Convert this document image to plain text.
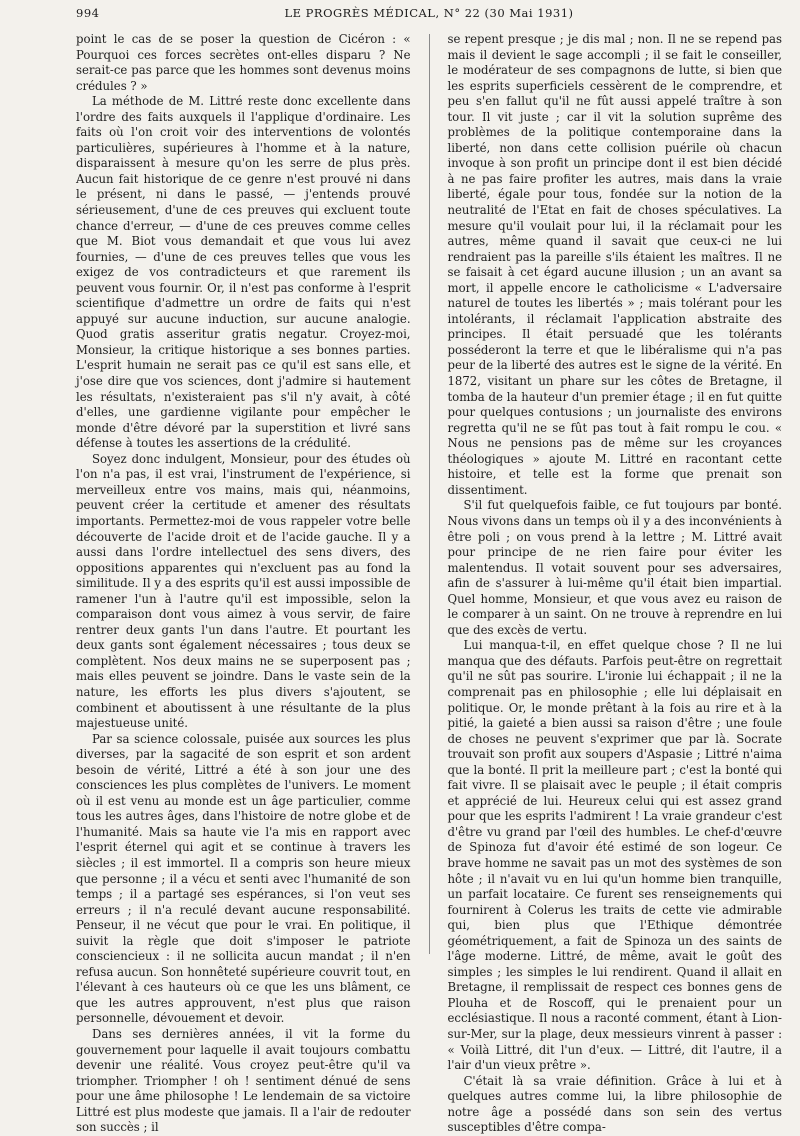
994	LE PROGRÈS MÉDICAL, N° 22 (30 Mai 1931)

point le cas de se poser la question de Cicéron : « Pourquoi ces forces secrètes ont-elles disparu ? Ne serait-ce pas parce que les hommes sont devenus moins crédules ? »

La méthode de M. Littré reste donc excellente dans l'ordre des faits auxquels il l'applique d'ordinaire. Les faits où l'on croit voir des interventions de volontés particulières, supérieures à l'homme et à la nature, disparaissent à mesure qu'on les serre de plus près. Aucun fait historique de ce genre n'est prouvé ni dans le présent, ni dans le passé, — j'entends prouvé sérieusement, d'une de ces preuves qui excluent toute chance d'erreur, — d'une de ces preuves comme celles que M. Biot vous demandait et que vous lui avez fournies, — d'une de ces preuves telles que vous les exigez de vos contradicteurs et que rarement ils peuvent vous fournir. Or, il n'est pas conforme à l'esprit scientifique d'admettre un ordre de faits qui n'est appuyé sur aucune induction, sur aucune analogie. Quod gratis asseritur gratis negatur. Croyez-moi, Monsieur, la critique historique a ses bonnes parties. L'esprit humain ne serait pas ce qu'il est sans elle, et j'ose dire que vos sciences, dont j'admire si hautement les résultats, n'existeraient pas s'il n'y avait, à côté d'elles, une gardienne vigilante pour empêcher le monde d'être dévoré par la superstition et livré sans défense à toutes les assertions de la crédulité.

Soyez donc indulgent, Monsieur, pour des études où l'on n'a pas, il est vrai, l'instrument de l'expérience, si merveilleux entre vos mains, mais qui, néanmoins, peuvent créer la certitude et amener des résultats importants. Permettez-moi de vous rappeler votre belle découverte de l'acide droit et de l'acide gauche. Il y a aussi dans l'ordre intellectuel des sens divers, des oppositions apparentes qui n'excluent pas au fond la similitude. Il y a des esprits qu'il est aussi impossible de ramener l'un à l'autre qu'il est impossible, selon la comparaison dont vous aimez à vous servir, de faire rentrer deux gants l'un dans l'autre. Et pourtant les deux gants sont également nécessaires ; tous deux se complètent. Nos deux mains ne se superposent pas ; mais elles peuvent se joindre. Dans le vaste sein de la nature, les efforts les plus divers s'ajoutent, se combinent et aboutissent à une résultante de la plus majestueuse unité.

Par sa science colossale, puisée aux sources les plus diverses, par la sagacité de son esprit et son ardent besoin de vérité, Littré a été à son jour une des consciences les plus complètes de l'univers. Le moment où il est venu au monde est un âge particulier, comme tous les autres âges, dans l'histoire de notre globe et de l'humanité. Mais sa haute vie l'a mis en rapport avec l'esprit éternel qui agit et se continue à travers les siècles ; il est immortel. Il a compris son heure mieux que personne ; il a vécu et senti avec l'humanité de son temps ; il a partagé ses espérances, si l'on veut ses erreurs ; il n'a reculé devant aucune responsabilité. Penseur, il ne vécut que pour le vrai. En politique, il suivit la règle que doit s'imposer le patriote consciencieux : il ne sollicita aucun mandat ; il n'en refusa aucun. Son honnêteté supérieure couvrit tout, en l'élevant à ces hauteurs où ce que les uns blâment, ce que les autres approuvent, n'est plus que raison personnelle, dévouement et devoir.

Dans ses dernières années, il vit la forme du gouvernement pour laquelle il avait toujours combattu devenir une réalité. Vous croyez peut-être qu'il va triompher. Triompher ! oh ! sentiment dénué de sens pour une âme philosophe ! Le lendemain de sa victoire Littré est plus modeste que jamais. Il a l'air de redouter son succès ; il

se repent presque ; je dis mal ; non. Il ne se repend pas mais il devient le sage accompli ; il se fait le conseiller, le modérateur de ses compagnons de lutte, si bien que les esprits superficiels cessèrent de le comprendre, et peu s'en fallut qu'il ne fût aussi appelé traître à son tour. Il vit juste ; car il vit la solution suprême des problèmes de la politique contemporaine dans la liberté, non dans cette collision puérile où chacun invoque à son profit un principe dont il est bien décidé à ne pas faire profiter les autres, mais dans la vraie liberté, égale pour tous, fondée sur la notion de la neutralité de l'Etat en fait de choses spéculatives. La mesure qu'il voulait pour lui, il la réclamait pour les autres, même quand il savait que ceux-ci ne lui rendraient pas la pareille s'ils étaient les maîtres. Il ne se faisait à cet égard aucune illusion ; un an avant sa mort, il appelle encore le catholicisme « L'adversaire naturel de toutes les libertés » ; mais tolérant pour les intolérants, il réclamait l'application abstraite des principes. Il était persuadé que les tolérants posséderont la terre et que le libéralisme qui n'a pas peur de la liberté des autres est le signe de la vérité. En 1872, visitant un phare sur les côtes de Bretagne, il tomba de la hauteur d'un premier étage ; il en fut quitte pour quelques contusions ; un journaliste des environs regretta qu'il ne se fût pas tout à fait rompu le cou. « Nous ne pensions pas de même sur les croyances théologiques » ajoute M. Littré en racontant cette histoire, et telle est la forme que prenait son dissentiment.

S'il fut quelquefois faible, ce fut toujours par bonté. Nous vivons dans un temps où il y a des inconvénients à être poli ; on vous prend à la lettre ; M. Littré avait pour principe de ne rien faire pour éviter les malentendus. Il votait souvent pour ses adversaires, afin de s'assurer à lui-même qu'il était bien impartial. Quel homme, Monsieur, et que vous avez eu raison de le comparer à un saint. On ne trouve à reprendre en lui que des excès de vertu.

Lui manqua-t-il, en effet quelque chose ? Il ne lui manqua que des défauts. Parfois peut-être on regrettait qu'il ne sût pas sourire. L'ironie lui échappait ; il ne la comprenait pas en philosophie ; elle lui déplaisait en politique. Or, le monde prêtant à la fois au rire et à la pitié, la gaieté a bien aussi sa raison d'être ; une foule de choses ne peuvent s'exprimer que par là. Socrate trouvait son profit aux soupers d'Aspasie ; Littré n'aima que la bonté. Il prit la meilleure part ; c'est la bonté qui fait vivre. Il se plaisait avec le peuple ; il était compris et apprécié de lui. Heureux celui qui est assez grand pour que les esprits l'admirent ! La vraie grandeur c'est d'être vu grand par l'œil des humbles. Le chef-d'œuvre de Spinoza fut d'avoir été estimé de son logeur. Ce brave homme ne savait pas un mot des systèmes de son hôte ; il n'avait vu en lui qu'un homme bien tranquille, un parfait locataire. Ce furent ses renseignements qui fournirent à Colerus les traits de cette vie admirable qui, bien plus que l'Ethique démontrée géométriquement, a fait de Spinoza un des saints de l'âge moderne. Littré, de même, avait le goût des simples ; les simples le lui rendirent. Quand il allait en Bretagne, il remplissait de respect ces bonnes gens de Plouha et de Roscoff, qui le prenaient pour un ecclésiastique. Il nous a raconté comment, étant à Lion-sur-Mer, sur la plage, deux messieurs vinrent à passer : « Voilà Littré, dit l'un d'eux. — Littré, dit l'autre, il a l'air d'un vieux prêtre ».

C'était là sa vraie définition. Grâce à lui et à quelques autres comme lui, la libre philosophie de notre âge a possédé dans son sein des vertus susceptibles d'être compa-
